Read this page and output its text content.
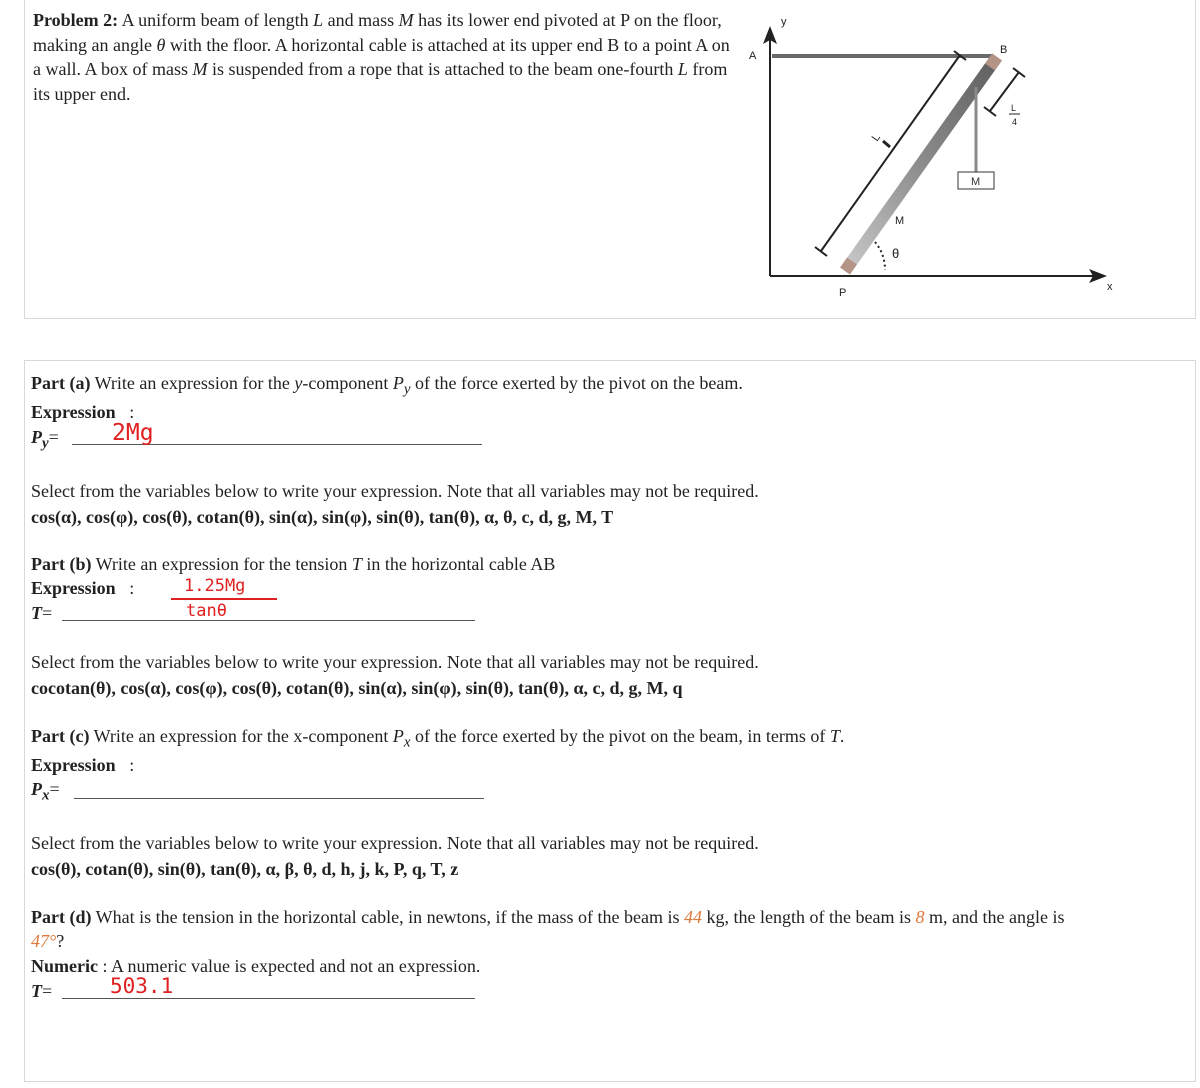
Problem 2: A uniform beam of length L and mass M has its lower end pivoted at P on the floor, making an angle θ with the floor. A horizontal cable is attached at its upper end B to a point A on a wall. A box of mass M is suspended from a rope that is attached to the beam one-fourth L from its upper end.
y
x
A	B
P
M
M
θ
L
L
4
Part (a) Write an expression for the y-component $P_y$ of the force exerted by the pivot on the beam.
Expression :
$P_y= 2Mg$
Select from the variables below to write your expression. Note that all variables may not be required.
cos(α), cos(φ), cos(θ), cotan(θ), sin(α), sin(φ), sin(θ), tan(θ), α, θ, c, d, g, M, T
Part (b) Write an expression for the tension T in the horizontal cable AB
Expression :
T=
1.25Mg
tanθ
Select from the variables below to write your expression. Note that all variables may not be required.
cocotan(θ), cos(α), cos(φ), cos(θ), cotan(θ), sin(α), sin(φ), sin(θ), tan(θ), α, c, d, g, M, q
Part (c) Write an expression for the x-component $P_x$ of the force exerted by the pivot on the beam, in terms of T.
Expression :
$P_x=$
Select from the variables below to write your expression. Note that all variables may not be required.
cos(θ), cotan(θ), sin(θ), tan(θ), α, β, θ, d, h, j, k, P, q, T, z
Part (d) What is the tension in the horizontal cable, in newtons, if the mass of the beam is 44 kg, the length of the beam is 8 m, and the angle is
47°?
Numeric : A numeric value is expected and not an expression.
T=	503.1
